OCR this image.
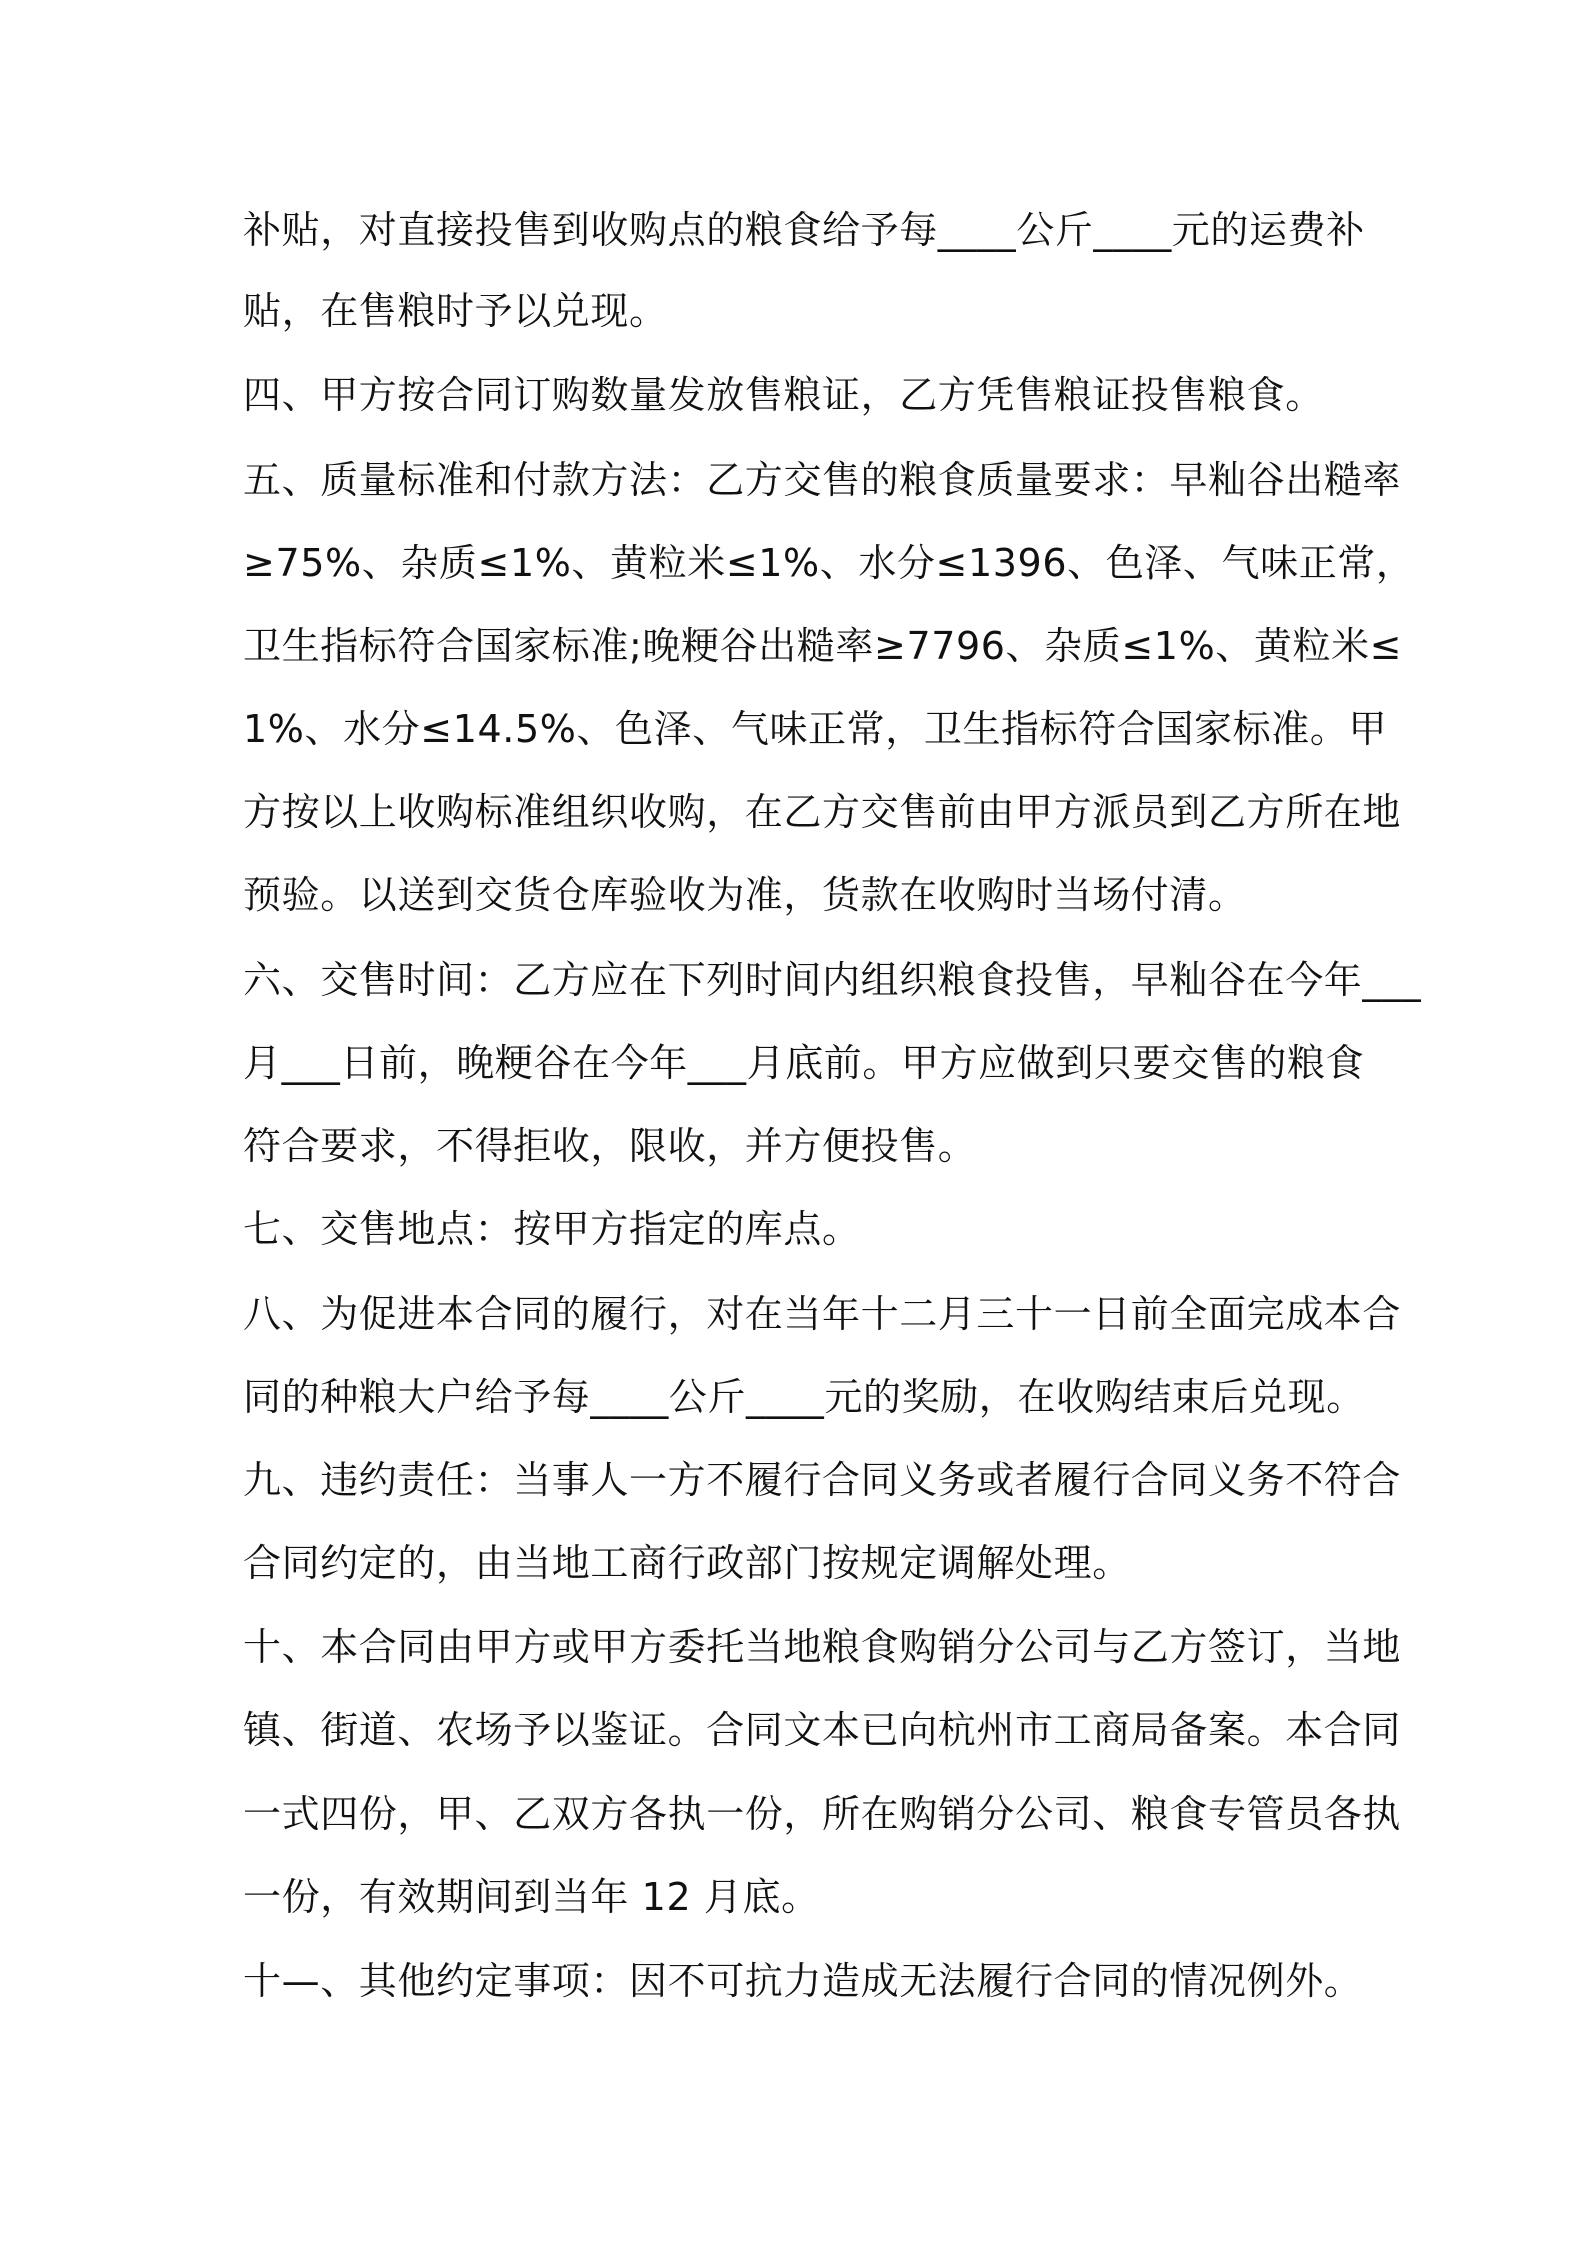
补贴，对直接投售到收购点的粮食给予每____公斤____元的运费补
贴，在售粮时予以兑现。
四、甲方按合同订购数量发放售粮证，乙方凭售粮证投售粮食。
五、质量标准和付款方法：乙方交售的粮食质量要求：早籼谷出糙率
≥75%、杂质≤1%、黄粒米≤1%、水分≤1396、色泽、气味正常，
卫生指标符合国家标准;晚粳谷出糙率≥7796、杂质≤1%、黄粒米≤
1%、水分≤14.5%、色泽、气味正常，卫生指标符合国家标准。甲
方按以上收购标准组织收购，在乙方交售前由甲方派员到乙方所在地
预验。以送到交货仓库验收为准，货款在收购时当场付清。
六、交售时间：乙方应在下列时间内组织粮食投售，早籼谷在今年___
月___日前，晚粳谷在今年___月底前。甲方应做到只要交售的粮食
符合要求，不得拒收，限收，并方便投售。
七、交售地点：按甲方指定的库点。
八、为促进本合同的履行，对在当年十二月三十一日前全面完成本合
同的种粮大户给予每____公斤____元的奖励，在收购结束后兑现。
九、违约责任：当事人一方不履行合同义务或者履行合同义务不符合
合同约定的，由当地工商行政部门按规定调解处理。
十、本合同由甲方或甲方委托当地粮食购销分公司与乙方签订，当地
镇、街道、农场予以鉴证。合同文本已向杭州市工商局备案。本合同
一式四份，甲、乙双方各执一份，所在购销分公司、粮食专管员各执
一份，有效期间到当年 12 月底。
十—、其他约定事项：因不可抗力造成无法履行合同的情况例外。
